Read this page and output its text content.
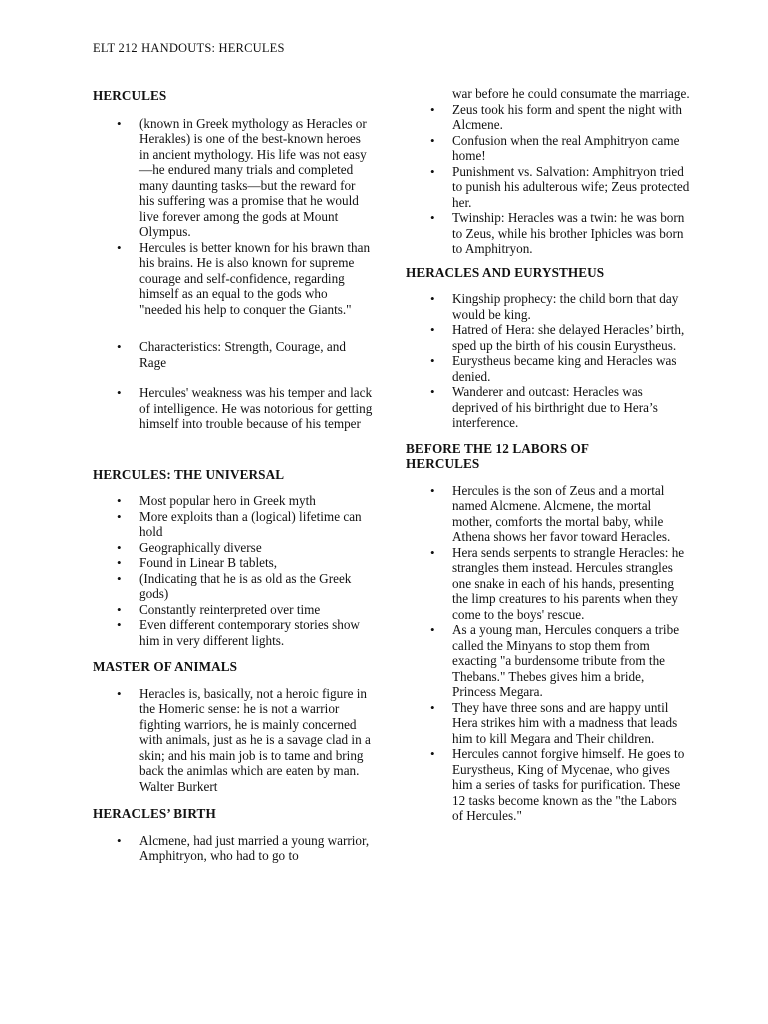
ELT 212 HANDOUTS: HERCULES
HERCULES
• (known in Greek mythology as Heracles or Herakles) is one of the best-known heroes in ancient mythology. His life was not easy—he endured many trials and completed many daunting tasks—but the reward for his suffering was a promise that he would live forever among the gods at Mount Olympus.
• Hercules is better known for his brawn than his brains. He is also known for supreme courage and self-confidence, regarding himself as an equal to the gods who "needed his help to conquer the Giants."
• Characteristics: Strength, Courage, and Rage
• Hercules' weakness was his temper and lack of intelligence. He was notorious for getting himself into trouble because of his temper
HERCULES: THE UNIVERSAL
• Most popular hero in Greek myth
• More exploits than a (logical) lifetime can hold
• Geographically diverse
• Found in Linear B tablets,
• (Indicating that he is as old as the Greek gods)
• Constantly reinterpreted over time
• Even different contemporary stories show him in very different lights.
MASTER OF ANIMALS
• Heracles is, basically, not a heroic figure in the Homeric sense: he is not a warrior fighting warriors, he is mainly concerned with animals, just as he is a savage clad in a skin; and his main job is to tame and bring back the animlas which are eaten by man. Walter Burkert
HERACLES’ BIRTH
• Alcmene, had just married a young warrior, Amphitryon, who had to go to
war before he could consumate the marriage.
• Zeus took his form and spent the night with Alcmene.
• Confusion when the real Amphitryon came home!
• Punishment vs. Salvation: Amphitryon tried to punish his adulterous wife; Zeus protected her.
• Twinship: Heracles was a twin: he was born to Zeus, while his brother Iphicles was born to Amphitryon.
HERACLES AND EURYSTHEUS
• Kingship prophecy: the child born that day would be king.
• Hatred of Hera: she delayed Heracles’ birth, sped up the birth of his cousin Eurystheus.
• Eurystheus became king and Heracles was denied.
• Wanderer and outcast: Heracles was deprived of his birthright due to Hera’s interference.
BEFORE THE 12 LABORS OF HERCULES
• Hercules is the son of Zeus and a mortal named Alcmene. Alcmene, the mortal mother, comforts the mortal baby, while Athena shows her favor toward Heracles.
• Hera sends serpents to strangle Heracles: he strangles them instead. Hercules strangles one snake in each of his hands, presenting the limp creatures to his parents when they come to the boys' rescue.
• As a young man, Hercules conquers a tribe called the Minyans to stop them from exacting "a burdensome tribute from the Thebans." Thebes gives him a bride, Princess Megara.
• They have three sons and are happy until Hera strikes him with a madness that leads him to kill Megara and Their children.
• Hercules cannot forgive himself. He goes to Eurystheus, King of Mycenae, who gives him a series of tasks for purification. These 12 tasks become known as the "the Labors of Hercules."
